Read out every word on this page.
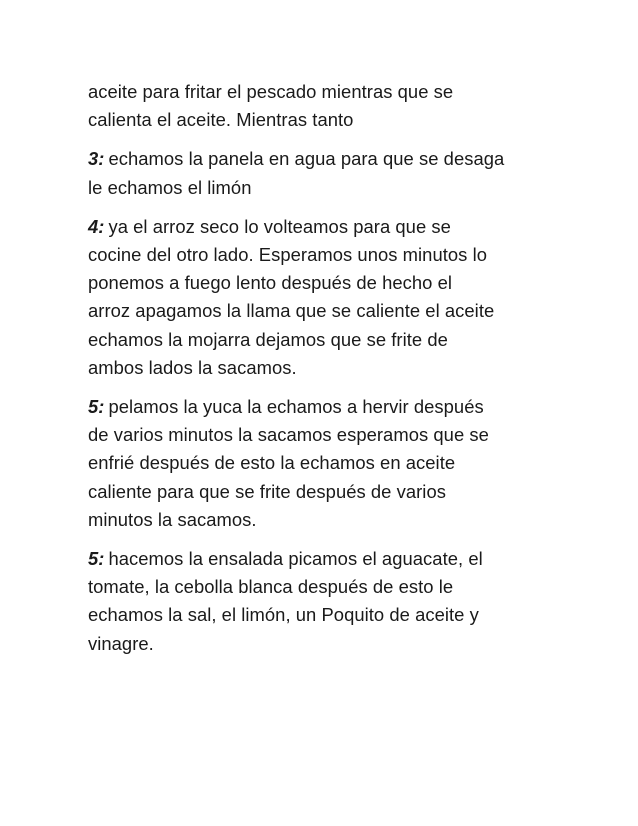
aceite para fritar el pescado mientras que se
calienta el aceite. Mientras tanto

3: echamos la panela en agua para que se desaga
le echamos el limón

4: ya el arroz seco lo volteamos para que se
cocine del otro lado. Esperamos unos minutos lo
ponemos a fuego lento después de hecho el
arroz apagamos la llama que se caliente el aceite
echamos la mojarra dejamos que se frite de
ambos lados la sacamos.

5: pelamos la yuca la echamos a hervir después
de varios minutos la sacamos esperamos que se
enfrié después de esto la echamos en aceite
caliente para que se frite después de varios
minutos la sacamos.

5: hacemos la ensalada picamos el aguacate, el
tomate, la cebolla blanca después de esto le
echamos la sal, el limón, un Poquito de aceite y
vinagre.
